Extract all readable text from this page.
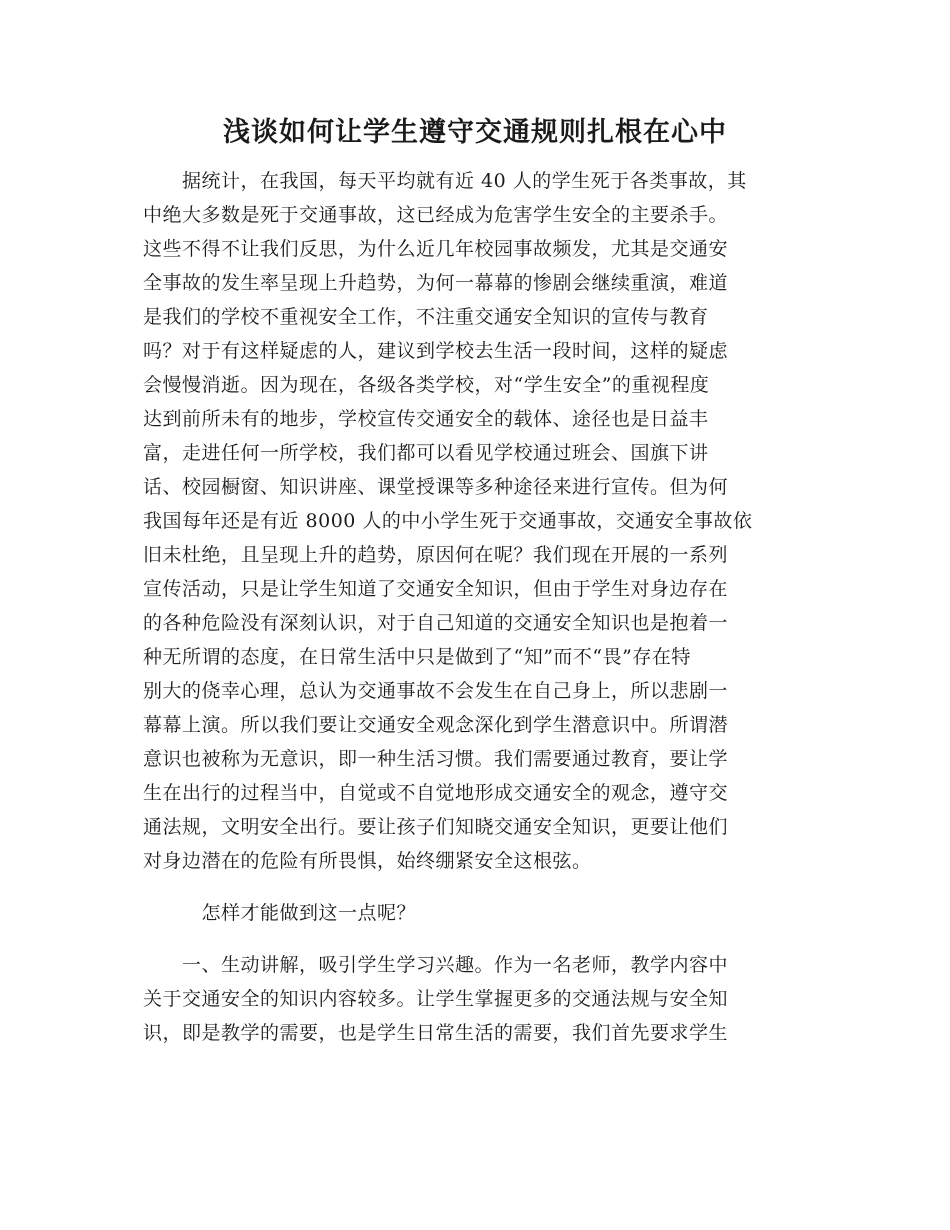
浅谈如何让学生遵守交通规则扎根在心中
　　据统计，在我国，每天平均就有近 40 人的学生死于各类事故，其
中绝大多数是死于交通事故，这已经成为危害学生安全的主要杀手。
这些不得不让我们反思，为什么近几年校园事故频发，尤其是交通安
全事故的发生率呈现上升趋势，为何一幕幕的惨剧会继续重演，难道
是我们的学校不重视安全工作，不注重交通安全知识的宣传与教育
吗？对于有这样疑虑的人，建议到学校去生活一段时间，这样的疑虑
会慢慢消逝。因为现在，各级各类学校，对“学生安全”的重视程度
达到前所未有的地步，学校宣传交通安全的载体、途径也是日益丰
富，走进任何一所学校，我们都可以看见学校通过班会、国旗下讲
话、校园橱窗、知识讲座、课堂授课等多种途径来进行宣传。但为何
我国每年还是有近 8000 人的中小学生死于交通事故，交通安全事故依
旧未杜绝，且呈现上升的趋势，原因何在呢？我们现在开展的一系列
宣传活动，只是让学生知道了交通安全知识，但由于学生对身边存在
的各种危险没有深刻认识，对于自己知道的交通安全知识也是抱着一
种无所谓的态度，在日常生活中只是做到了“知”而不“畏”存在特
别大的侥幸心理，总认为交通事故不会发生在自己身上，所以悲剧一
幕幕上演。所以我们要让交通安全观念深化到学生潜意识中。所谓潜
意识也被称为无意识，即一种生活习惯。我们需要通过教育，要让学
生在出行的过程当中，自觉或不自觉地形成交通安全的观念，遵守交
通法规，文明安全出行。要让孩子们知晓交通安全知识，更要让他们
对身边潜在的危险有所畏惧，始终绷紧安全这根弦。
　　　怎样才能做到这一点呢？
　　一、生动讲解，吸引学生学习兴趣。作为一名老师，教学内容中
关于交通安全的知识内容较多。让学生掌握更多的交通法规与安全知
识，即是教学的需要，也是学生日常生活的需要，我们首先要求学生
